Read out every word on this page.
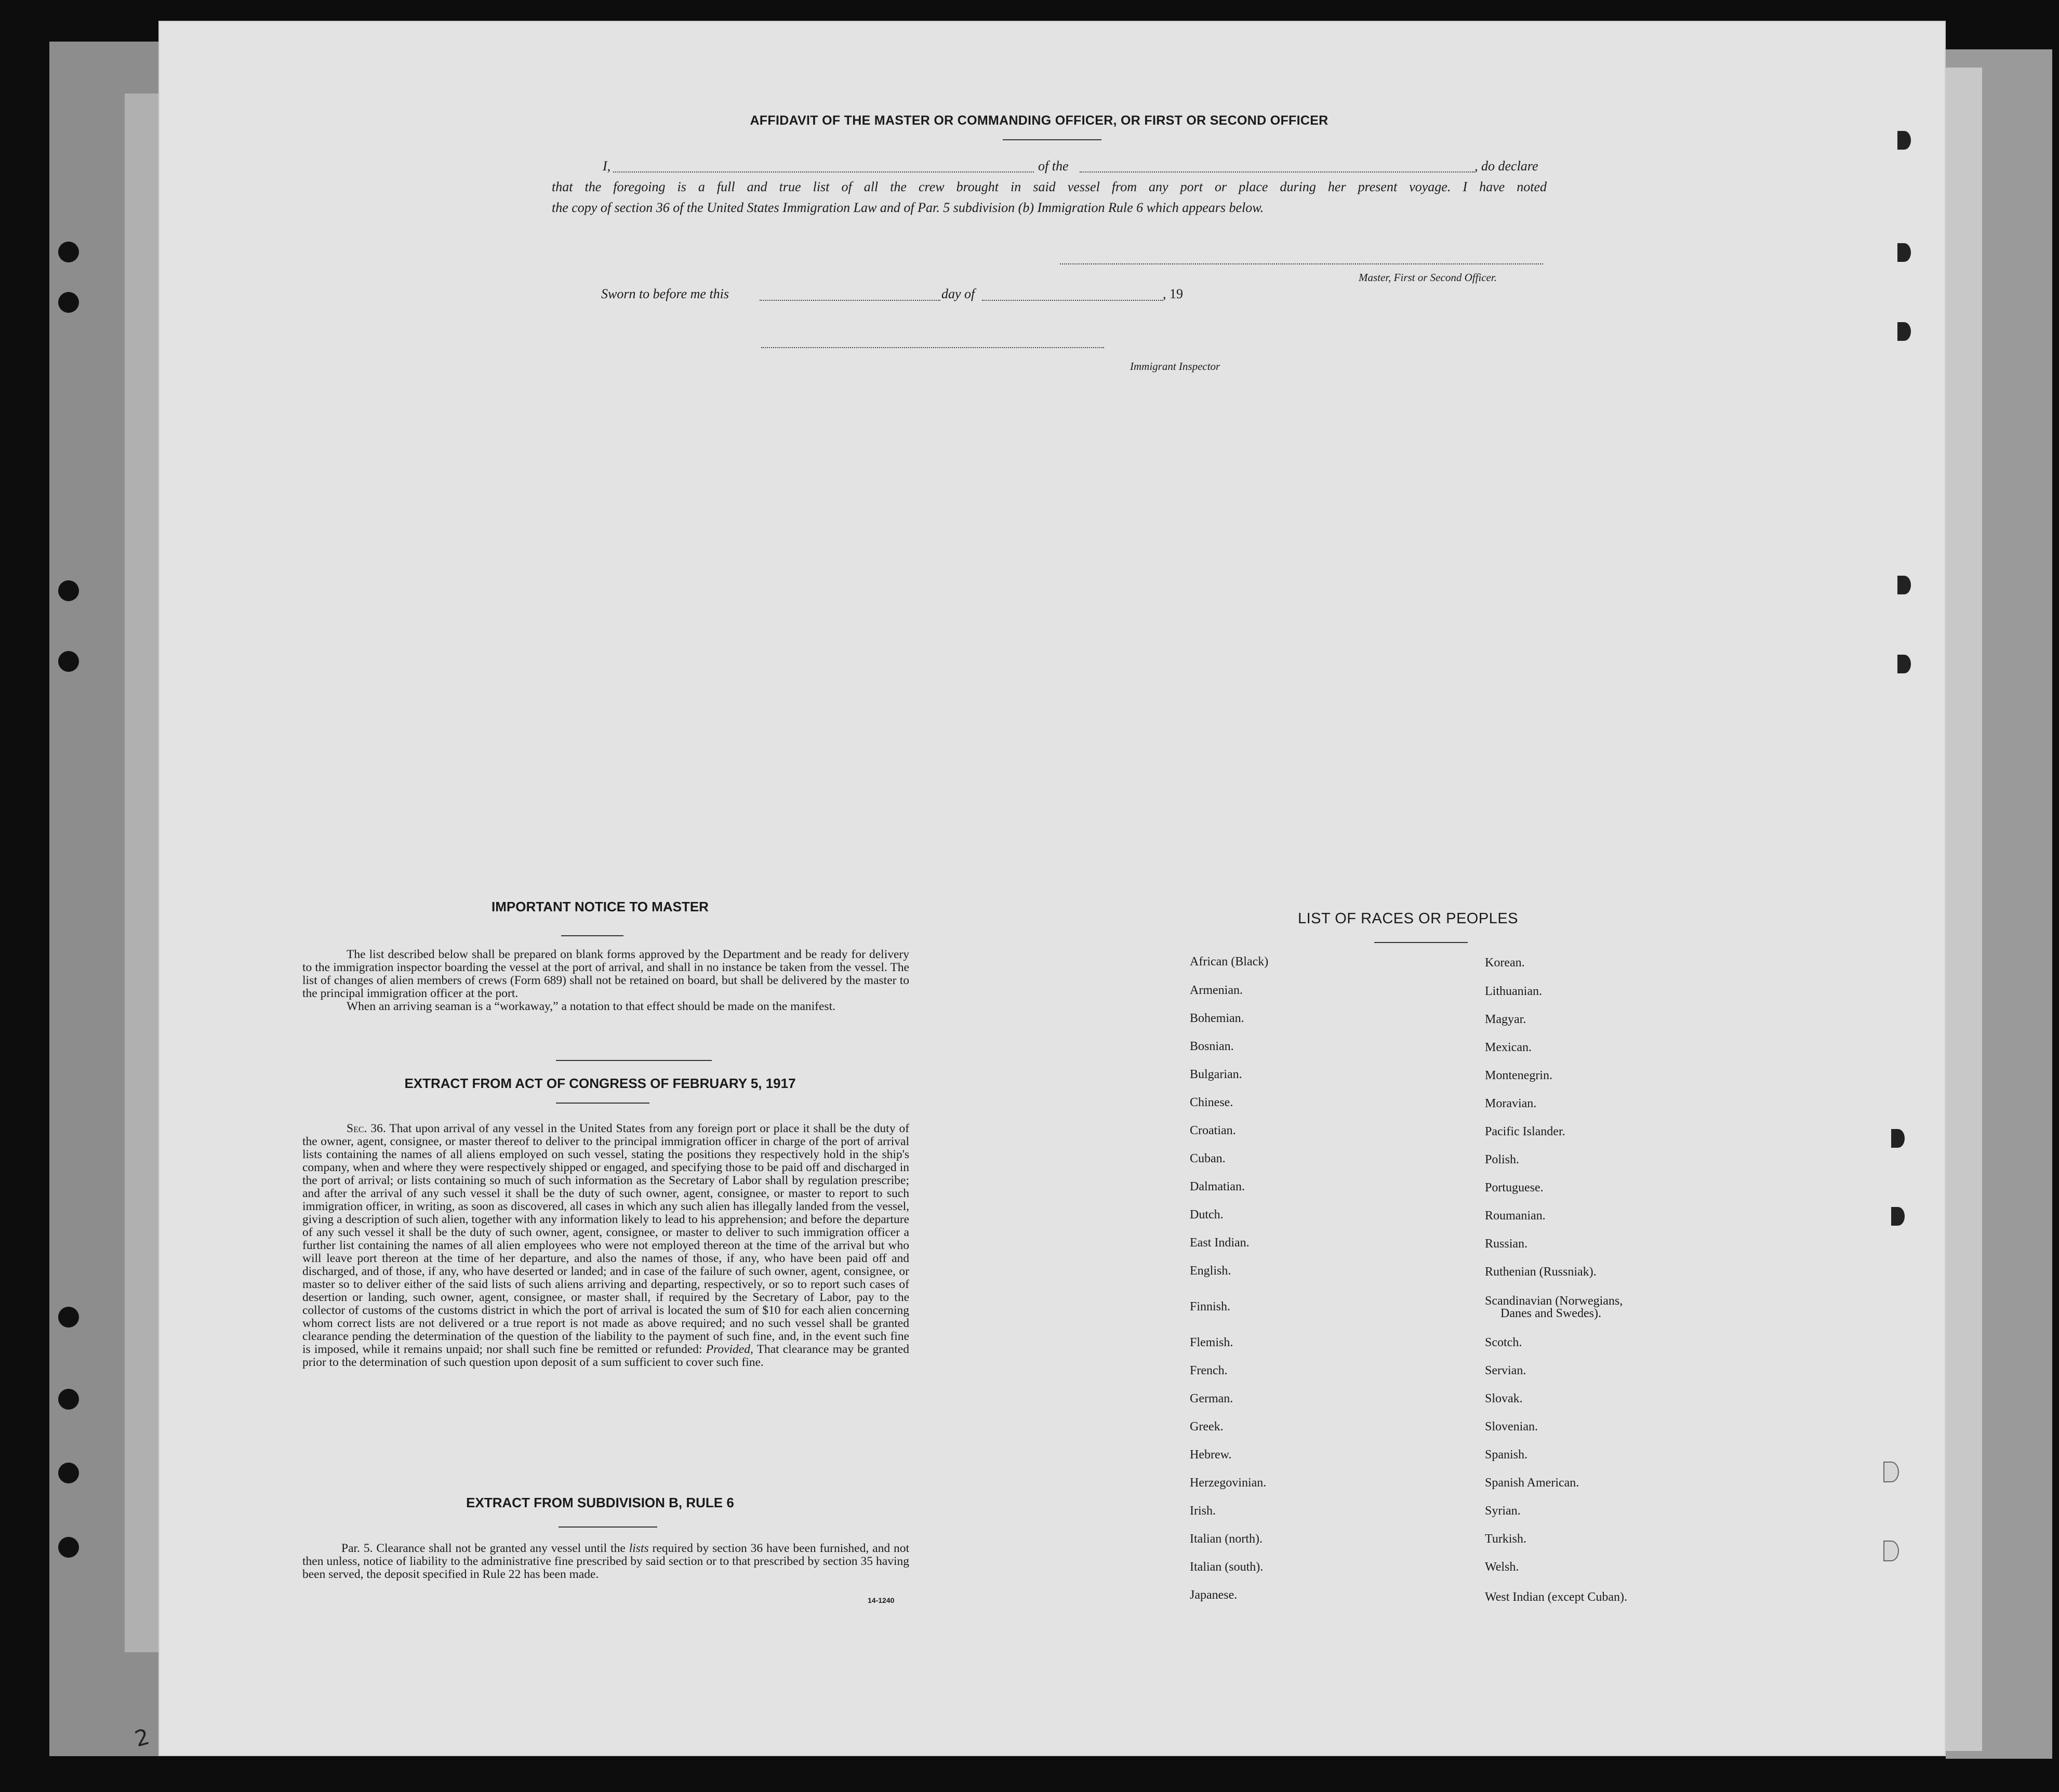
AFFIDAVIT OF THE MASTER OR COMMANDING OFFICER, OR FIRST OR SECOND OFFICER
I,	of the	, do declare
that the foregoing is a full and true list of all the crew brought in said vessel from any port or place during her present voyage. I have noted
the copy of section 36 of the United States Immigration Law and of Par. 5 subdivision (b) Immigration Rule 6 which appears below.
Master, First or Second Officer.
Sworn to before me this	day of	, 19
Immigrant Inspector
IMPORTANT NOTICE TO MASTER

The list described below shall be prepared on blank forms approved by the Department and be ready for delivery to the immigration inspector boarding the vessel at the port of arrival, and shall in no instance be taken from the vessel. The list of changes of alien members of crews (Form 689) shall not be retained on board, but shall be delivered by the master to the principal immigration officer at the port.

When an arriving seaman is a “workaway,” a notation to that effect should be made on the manifest.

EXTRACT FROM ACT OF CONGRESS OF FEBRUARY 5, 1917

Sec. 36. That upon arrival of any vessel in the United States from any foreign port or place it shall be the duty of the owner, agent, consignee, or master thereof to deliver to the principal immigration officer in charge of the port of arrival lists containing the names of all aliens employed on such vessel, stating the positions they respectively hold in the ship's company, when and where they were respectively shipped or engaged, and specifying those to be paid off and discharged in the port of arrival; or lists containing so much of such information as the Secretary of Labor shall by regulation prescribe; and after the arrival of any such vessel it shall be the duty of such owner, agent, consignee, or master to report to such immigration officer, in writing, as soon as discovered, all cases in which any such alien has illegally landed from the vessel, giving a description of such alien, together with any information likely to lead to his apprehension; and before the departure of any such vessel it shall be the duty of such owner, agent, consignee, or master to deliver to such immigration officer a further list containing the names of all alien employees who were not employed thereon at the time of the arrival but who will leave port thereon at the time of her departure, and also the names of those, if any, who have been paid off and discharged, and of those, if any, who have deserted or landed; and in case of the failure of such owner, agent, consignee, or master so to deliver either of the said lists of such aliens arriving and departing, respectively, or so to report such cases of desertion or landing, such owner, agent, consignee, or master shall, if required by the Secretary of Labor, pay to the collector of customs of the customs district in which the port of arrival is located the sum of $10 for each alien concerning whom correct lists are not delivered or a true report is not made as above required; and no such vessel shall be granted clearance pending the determination of the question of the liability to the payment of such fine, and, in the event such fine is imposed, while it remains unpaid; nor shall such fine be remitted or refunded: Provided, That clearance may be granted prior to the determination of such question upon deposit of a sum sufficient to cover such fine.

EXTRACT FROM SUBDIVISION B, RULE 6

Par. 5. Clearance shall not be granted any vessel until the lists required by section 36 have been furnished, and not then unless, notice of liability to the administrative fine prescribed by said section or to that prescribed by section 35 having been served, the deposit specified in Rule 22 has been made.

14-1240
LIST OF RACES OR PEOPLES
African (Black)
Armenian.
Bohemian.
Bosnian.
Bulgarian.
Chinese.
Croatian.
Cuban.
Dalmatian.
Dutch.
East Indian.
English.
Finnish.
Flemish.
French.
German.
Greek.
Hebrew.
Herzegovinian.
Irish.
Italian (north).
Italian (south).
Japanese.
Korean.
Lithuanian.
Magyar.
Mexican.
Montenegrin.
Moravian.
Pacific Islander.
Polish.
Portuguese.
Roumanian.
Russian.
Ruthenian (Russniak).
Scandinavian (Norwegians,
Danes and Swedes).
Scotch.
Servian.
Slovak.
Slovenian.
Spanish.
Spanish American.
Syrian.
Turkish.
Welsh.
West Indian (except Cuban).
2
